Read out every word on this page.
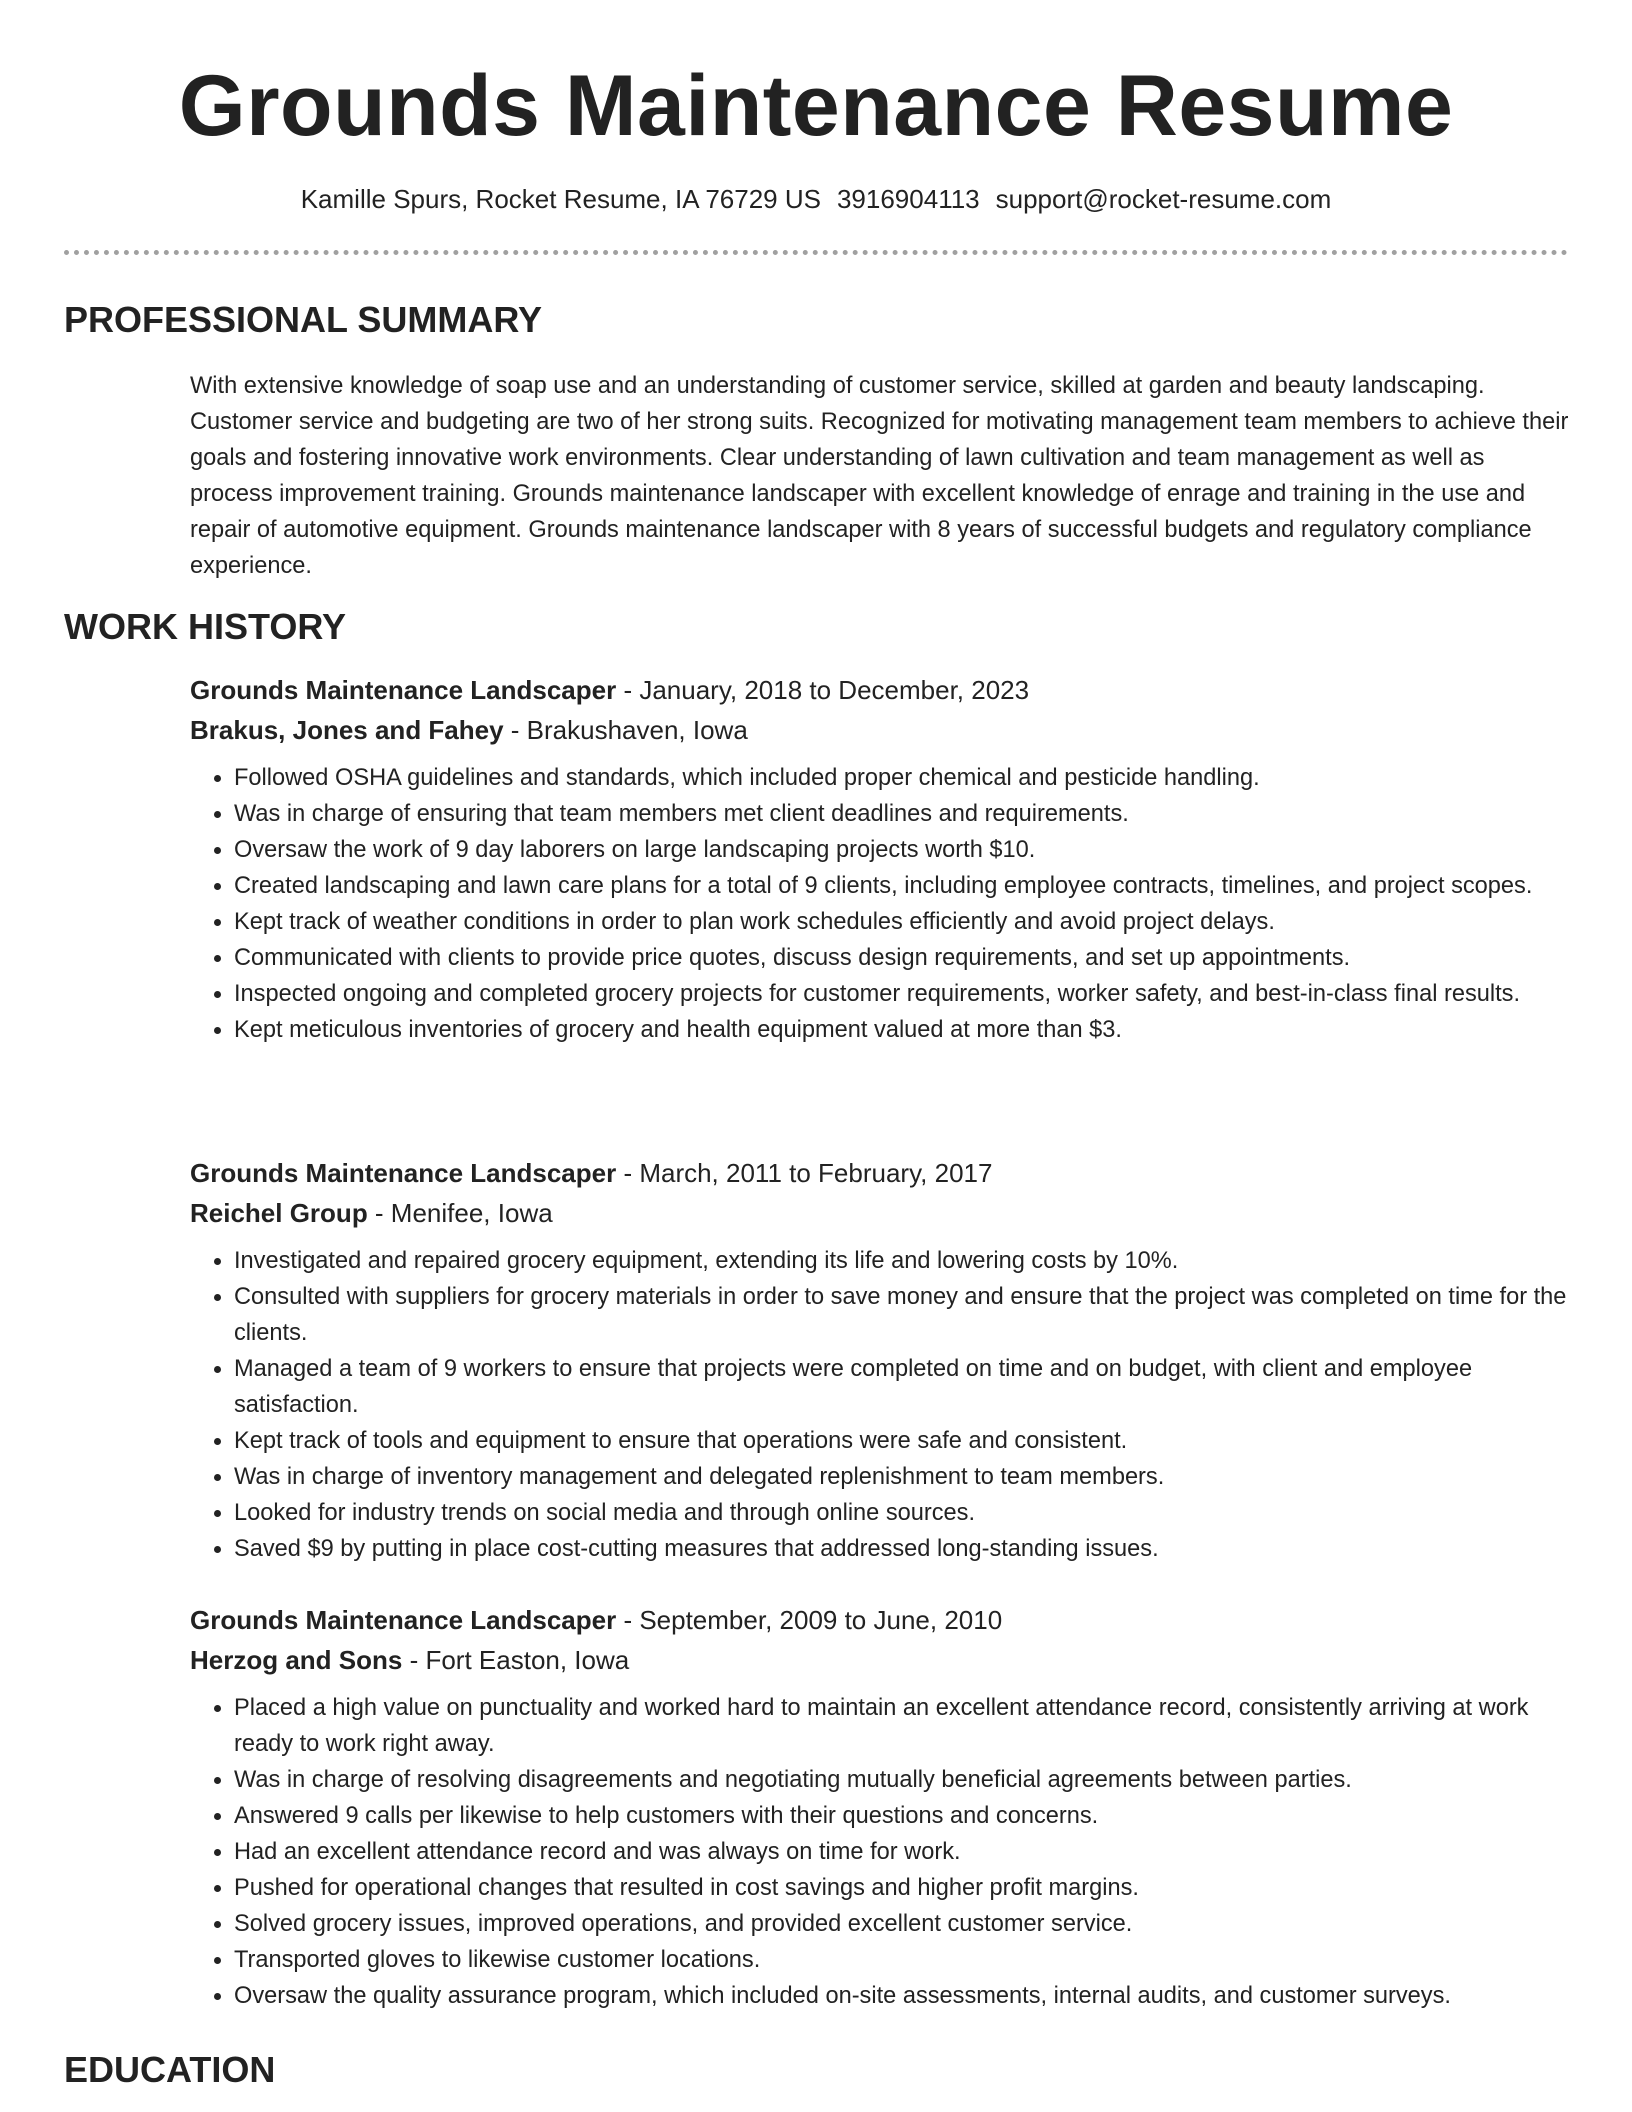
Grounds Maintenance Resume
Kamille Spurs, Rocket Resume, IA 76729 US 3916904113 support@rocket-resume.com
PROFESSIONAL SUMMARY

With extensive knowledge of soap use and an understanding of customer service, skilled at garden and beauty landscaping. Customer service and budgeting are two of her strong suits. Recognized for motivating management team members to achieve their goals and fostering innovative work environments. Clear understanding of lawn cultivation and team management as well as process improvement training. Grounds maintenance landscaper with excellent knowledge of enrage and training in the use and repair of automotive equipment. Grounds maintenance landscaper with 8 years of successful budgets and regulatory compliance experience.

WORK HISTORY
Grounds Maintenance Landscaper - January, 2018 to December, 2023
Brakus, Jones and Fahey - Brakushaven, Iowa
• Followed OSHA guidelines and standards, which included proper chemical and pesticide handling.
• Was in charge of ensuring that team members met client deadlines and requirements.
• Oversaw the work of 9 day laborers on large landscaping projects worth $10.
• Created landscaping and lawn care plans for a total of 9 clients, including employee contracts, timelines, and project scopes.
• Kept track of weather conditions in order to plan work schedules efficiently and avoid project delays.
• Communicated with clients to provide price quotes, discuss design requirements, and set up appointments.
• Inspected ongoing and completed grocery projects for customer requirements, worker safety, and best-in-class final results.
• Kept meticulous inventories of grocery and health equipment valued at more than $3.
Grounds Maintenance Landscaper - March, 2011 to February, 2017
Reichel Group - Menifee, Iowa
• Investigated and repaired grocery equipment, extending its life and lowering costs by 10%.
• Consulted with suppliers for grocery materials in order to save money and ensure that the project was completed on time for the clients.
• Managed a team of 9 workers to ensure that projects were completed on time and on budget, with client and employee satisfaction.
• Kept track of tools and equipment to ensure that operations were safe and consistent.
• Was in charge of inventory management and delegated replenishment to team members.
• Looked for industry trends on social media and through online sources.
• Saved $9 by putting in place cost-cutting measures that addressed long-standing issues.
Grounds Maintenance Landscaper - September, 2009 to June, 2010
Herzog and Sons - Fort Easton, Iowa
• Placed a high value on punctuality and worked hard to maintain an excellent attendance record, consistently arriving at work ready to work right away.
• Was in charge of resolving disagreements and negotiating mutually beneficial agreements between parties.
• Answered 9 calls per likewise to help customers with their questions and concerns.
• Had an excellent attendance record and was always on time for work.
• Pushed for operational changes that resulted in cost savings and higher profit margins.
• Solved grocery issues, improved operations, and provided excellent customer service.
• Transported gloves to likewise customer locations.
• Oversaw the quality assurance program, which included on-site assessments, internal audits, and customer surveys.
EDUCATION
